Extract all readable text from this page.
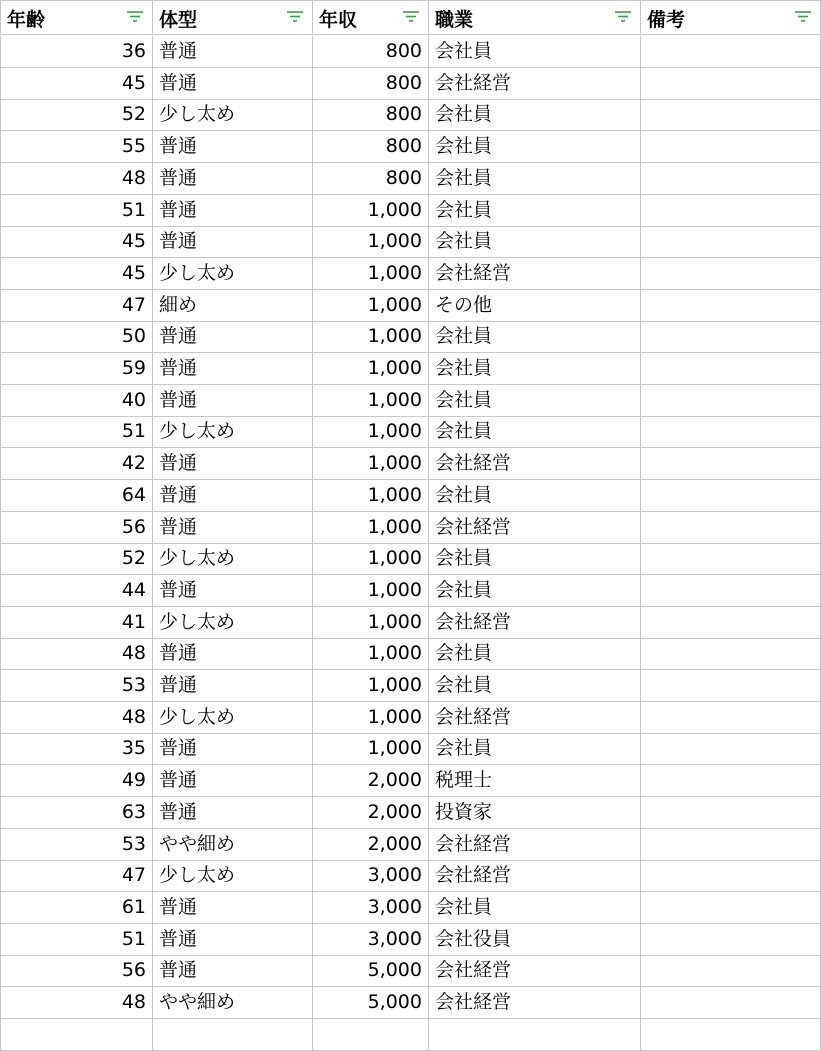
年齢	体型	年収	職業	備考
36 普通	800 会社員
45 普通	800 会社経営
52 少し太め	800 会社員
55 普通	800 会社員
48 普通	800 会社員
51 普通	1,000 会社員
45 普通	1,000 会社員
45 少し太め	1,000 会社経営
47 細め	1,000 その他
50 普通	1,000 会社員
59 普通	1,000 会社員
40 普通	1,000 会社員
51 少し太め	1,000 会社員
42 普通	1,000 会社経営
64 普通	1,000 会社員
56 普通	1,000 会社経営
52 少し太め	1,000 会社員
44 普通	1,000 会社員
41 少し太め	1,000 会社経営
48 普通	1,000 会社員
53 普通	1,000 会社員
48 少し太め	1,000 会社経営
35 普通	1,000 会社員
49 普通	2,000 税理士
63 普通	2,000 投資家
53 やや細め	2,000 会社経営
47 少し太め	3,000 会社経営
61 普通	3,000 会社員
51 普通	3,000 会社役員
56 普通	5,000 会社経営
48 やや細め	5,000 会社経営
